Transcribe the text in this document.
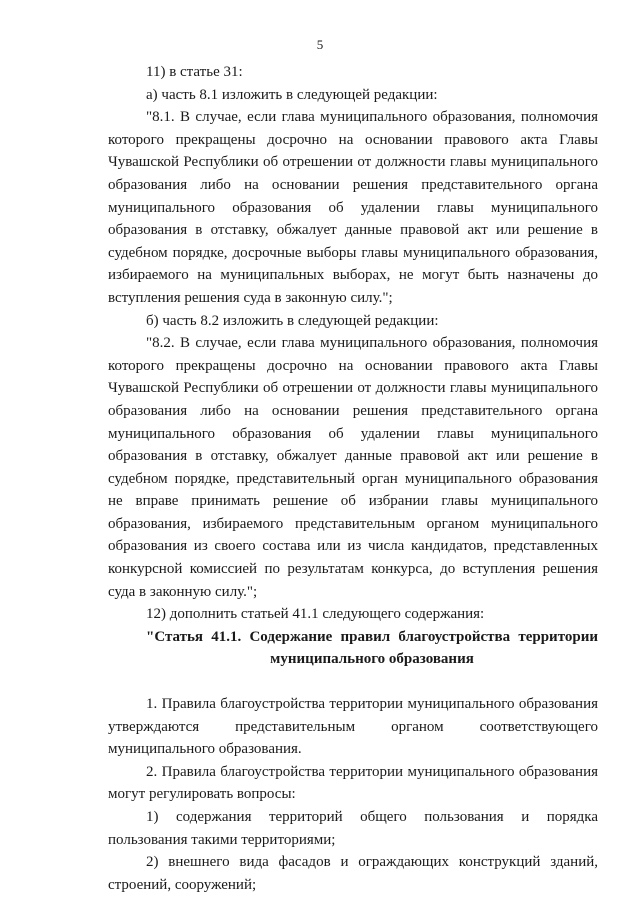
5

11) в статье 31:

а) часть 8.1 изложить в следующей редакции:

"8.1. В случае, если глава муниципального образования, полномочия которого прекращены досрочно на основании правового акта Главы Чувашской Республики об отрешении от должности главы муниципального образования либо на основании решения представительного органа муниципального образования об удалении главы муниципального образования в отставку, обжалует данные правовой акт или решение в судебном порядке, досрочные выборы главы муниципального образования, избираемого на муниципальных выборах, не могут быть назначены до вступления решения суда в законную силу.";

б) часть 8.2 изложить в следующей редакции:

"8.2. В случае, если глава муниципального образования, полномочия которого прекращены досрочно на основании правового акта Главы Чувашской Республики об отрешении от должности главы муниципального образования либо на основании решения представительного органа муниципального образования об удалении главы муниципального образования в отставку, обжалует данные правовой акт или решение в судебном порядке, представительный орган муниципального образования не вправе принимать решение об избрании главы муниципального образования, избираемого представительным органом муниципального образования из своего состава или из числа кандидатов, представленных конкурсной комиссией по результатам конкурса, до вступления решения суда в законную силу.";

12) дополнить статьей 41.1 следующего содержания:

"Статья 41.1. Содержание правил благоустройства территории
муниципального образования

1. Правила благоустройства территории муниципального образования утверждаются представительным органом соответствующего муниципального образования.

2. Правила благоустройства территории муниципального образования могут регулировать вопросы:

1) содержания территорий общего пользования и порядка пользования такими территориями;

2) внешнего вида фасадов и ограждающих конструкций зданий, строений, сооружений;
